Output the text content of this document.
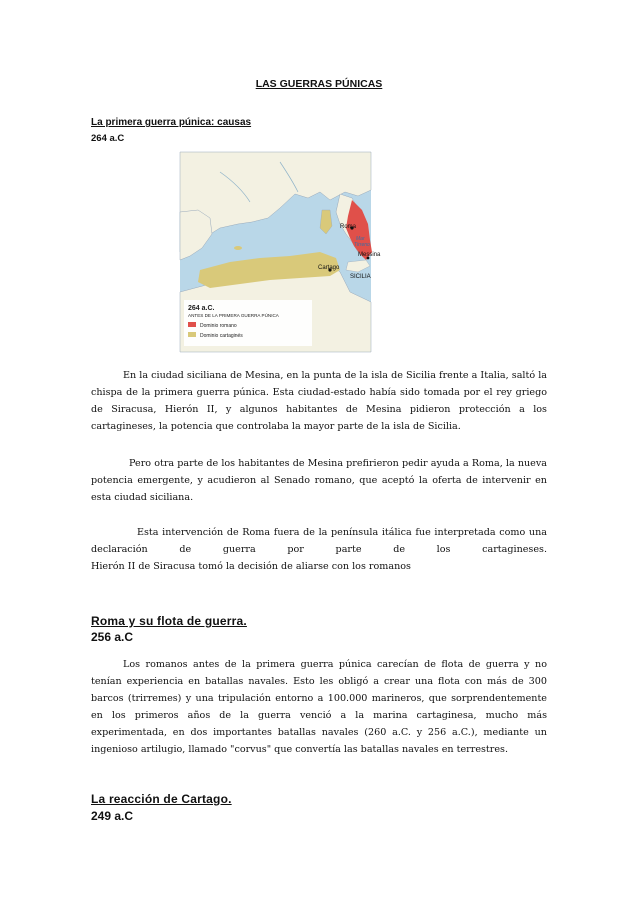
LAS GUERRAS PÚNICAS
La primera guerra púnica: causas
264 a.C
Roma
Cartago
Messina
SICILIA
Mar
Tirreno
264 a.C.
ANTES DE LA PRIMERA GUERRA PÚNICA
Dominio romano
Dominio cartaginés
En la ciudad siciliana de Mesina, en la punta de la isla de Sicilia frente a Italia, saltó la chispa de la primera guerra púnica. Esta ciudad-estado había sido tomada por el rey griego de Siracusa, Hierón II, y algunos habitantes de Mesina pidieron protección a los cartagineses, la potencia que controlaba la mayor parte de la isla de Sicilia.
Pero otra parte de los habitantes de Mesina prefirieron pedir ayuda a Roma, la nueva potencia emergente, y acudieron al Senado romano, que aceptó la oferta de intervenir en esta ciudad siciliana.
Esta intervención de Roma fuera de la península itálica fue interpretada como una declaración de guerra por parte de los cartagineses.
Hierón II de Siracusa tomó la decisión de aliarse con los romanos
Roma y su flota de guerra.
256 a.C
Los romanos antes de la primera guerra púnica carecían de flota de guerra y no tenían experiencia en batallas navales. Esto les obligó a crear una flota con más de 300 barcos (trirremes) y una tripulación entorno a 100.000 marineros, que sorprendentemente en los primeros años de la guerra venció a la marina cartaginesa, mucho más experimentada, en dos importantes batallas navales (260 a.C. y 256 a.C.), mediante un ingenioso artilugio, llamado "corvus" que convertía las batallas navales en terrestres.
La reacción de Cartago.
249 a.C
